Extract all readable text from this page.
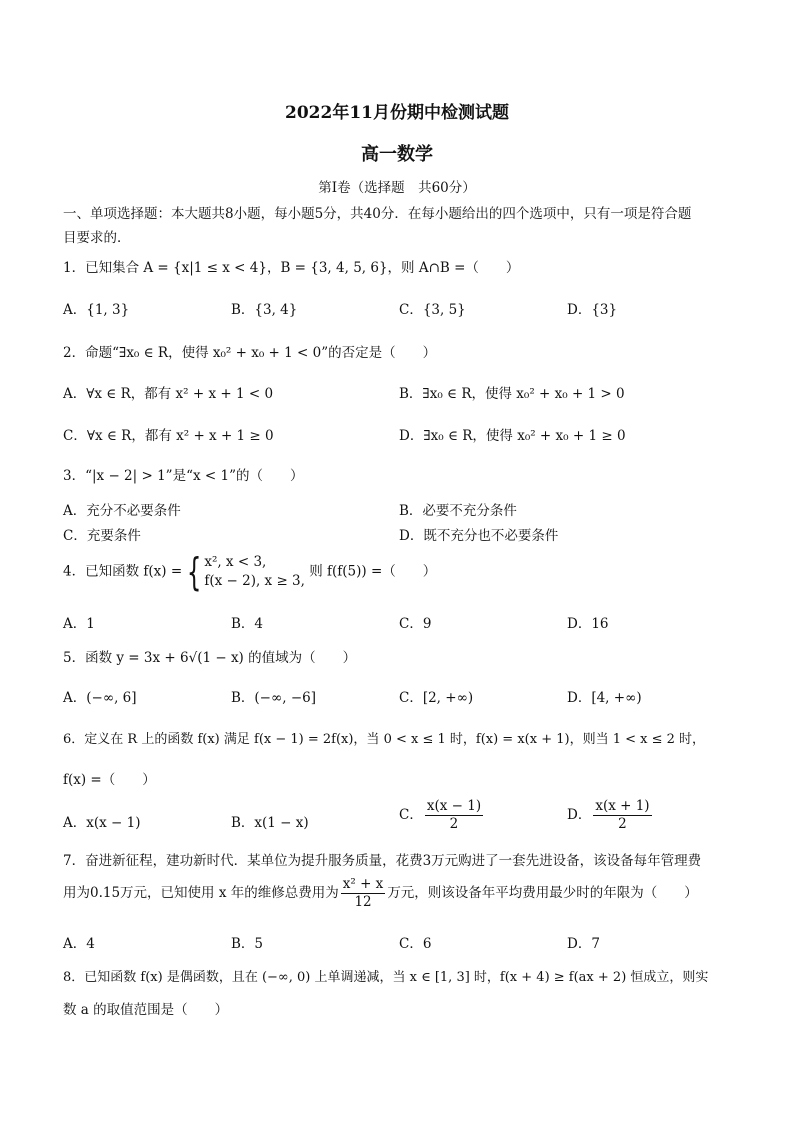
2022年11月份期中检测试题
高一数学
第Ⅰ卷（选择题　共60分）
一、单项选择题：本大题共8小题，每小题5分，共40分．在每小题给出的四个选项中，只有一项是符合题
目要求的．
1．已知集合 A = {x|1 ≤ x < 4}，B = {3, 4, 5, 6}，则 A∩B =（　　）
A．{1, 3}	B．{3, 4}	C．{3, 5}	D．{3}
2．命题“∃x₀ ∈ R，使得 x₀² + x₀ + 1 < 0”的否定是（　　）
A．∀x ∈ R，都有 x² + x + 1 < 0	B．∃x₀ ∈ R，使得 x₀² + x₀ + 1 > 0
C．∀x ∈ R，都有 x² + x + 1 ≥ 0	D．∃x₀ ∈ R，使得 x₀² + x₀ + 1 ≥ 0
3．“|x − 2| > 1”是“x < 1”的（　　）
A．充分不必要条件	B．必要不充分条件
C．充要条件	D．既不充分也不必要条件
4．已知函数 f(x) = { x², x < 3,
f(x − 2), x ≥ 3,
则 f(f(5)) =（　　）
A．1	B．4	C．9	D．16
5．函数 y = 3x + 6√(1 − x) 的值域为（　　）
A．(−∞, 6]	B．(−∞, −6]	C．[2, +∞)	D．[4, +∞)
6．定义在 R 上的函数 f(x) 满足 f(x − 1) = 2f(x)，当 0 < x ≤ 1 时，f(x) = x(x + 1)，则当 1 < x ≤ 2 时，
f(x) =（　　）
A．x(x − 1)	B．x(1 − x)	C． $\frac{x(x - 1)}{2}$	D． $\frac{x(x + 1)}{2}$
7．奋进新征程，建功新时代．某单位为提升服务质量，花费3万元购进了一套先进设备，该设备每年管理费
用为0.15万元，已知使用 x 年的维修总费用为 $\frac{\text{x² + x}}{12}$ 万元，则该设备年平均费用最少时的年限为（　　）
A．4	B．5	C．6	D．7
8．已知函数 f(x) 是偶函数，且在 (−∞, 0) 上单调递减，当 x ∈ [1, 3] 时，f(x + 4) ≥ f(ax + 2) 恒成立，则实
数 a 的取值范围是（　　）
